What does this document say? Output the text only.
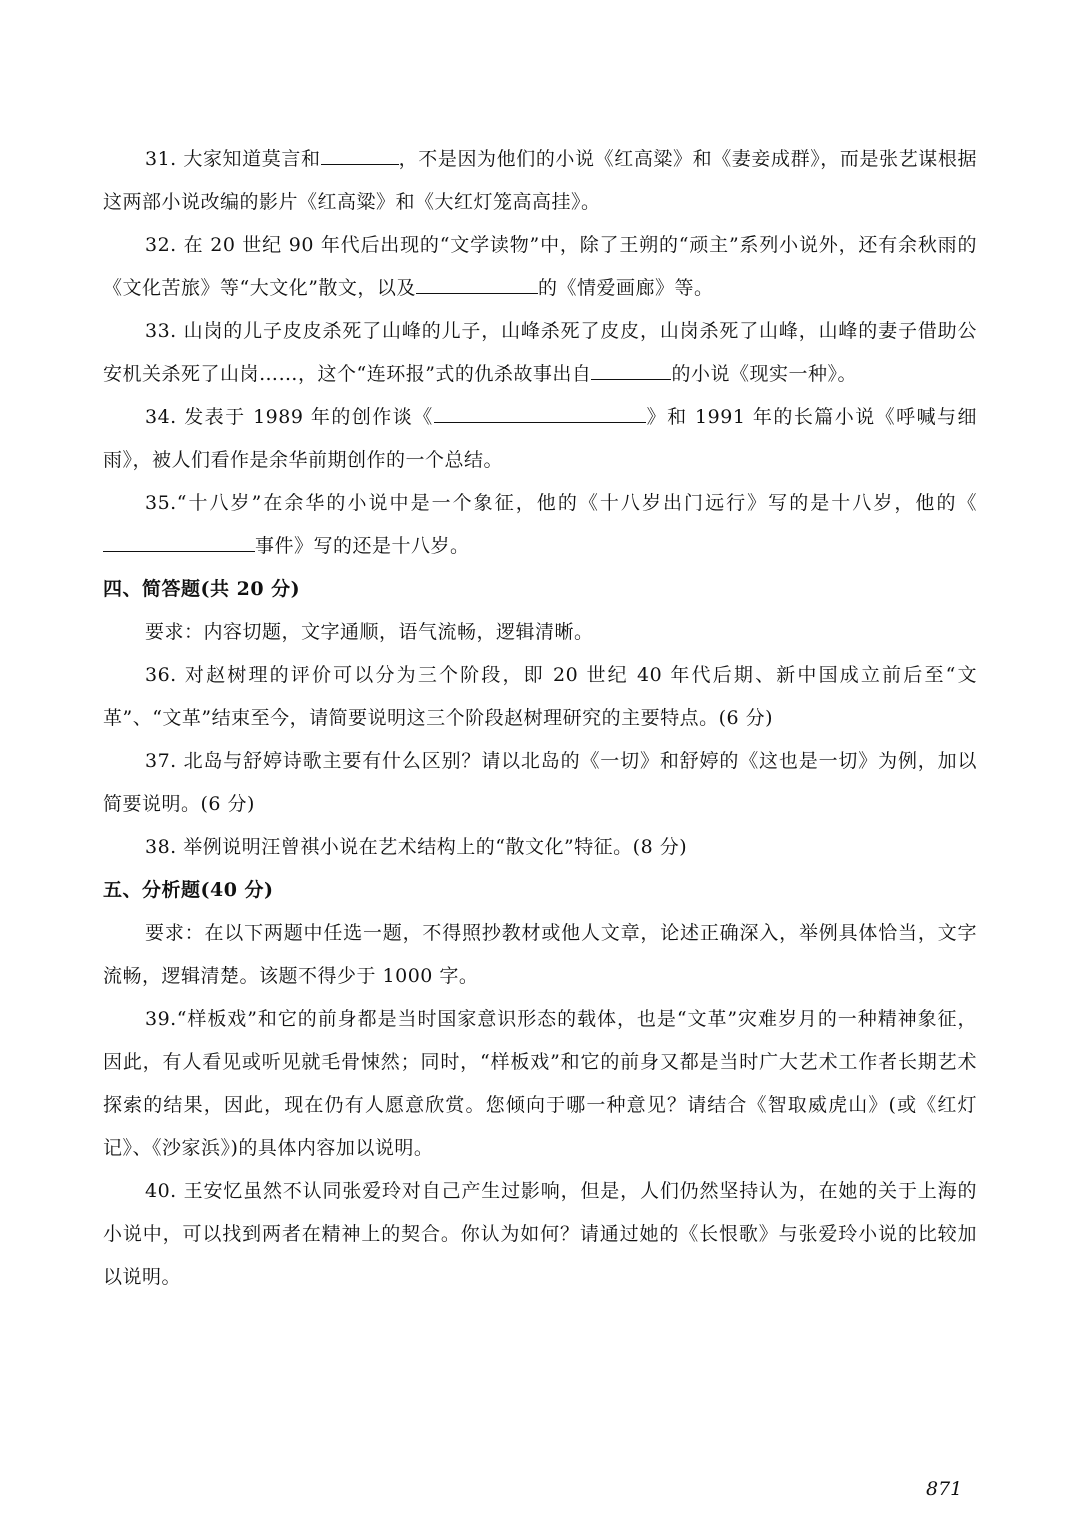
31. 大家知道莫言和	，不是因为他们的小说《红高粱》和《妻妾成群》，而是张艺谋根据这两部小说改编的影片《红高粱》和《大红灯笼高高挂》。

32. 在 20 世纪 90 年代后出现的“文学读物”中，除了王朔的“顽主”系列小说外，还有余秋雨的《文化苦旅》等“大文化”散文，以及	的《情爱画廊》等。

33. 山岗的儿子皮皮杀死了山峰的儿子，山峰杀死了皮皮，山岗杀死了山峰，山峰的妻子借助公安机关杀死了山岗……，这个“连环报”式的仇杀故事出自	的小说《现实一种》。

34. 发表于 1989 年的创作谈《	》和 1991 年的长篇小说《呼喊与细雨》，被人们看作是余华前期创作的一个总结。

35.“十八岁”在余华的小说中是一个象征，他的《十八岁出门远行》写的是十八岁，他的《事件》写的还是十八岁。

四、简答题(共 20 分)

要求：内容切题，文字通顺，语气流畅，逻辑清晰。

36. 对赵树理的评价可以分为三个阶段，即 20 世纪 40 年代后期、新中国成立前后至“文革”、“文革”结束至今，请简要说明这三个阶段赵树理研究的主要特点。(6 分)

37. 北岛与舒婷诗歌主要有什么区别？请以北岛的《一切》和舒婷的《这也是一切》为例，加以简要说明。(6 分)

38. 举例说明汪曾祺小说在艺术结构上的“散文化”特征。(8 分)

五、分析题(40 分)

要求：在以下两题中任选一题，不得照抄教材或他人文章，论述正确深入，举例具体恰当，文字流畅，逻辑清楚。该题不得少于 1000 字。

39.“样板戏”和它的前身都是当时国家意识形态的载体，也是“文革”灾难岁月的一种精神象征，因此，有人看见或听见就毛骨悚然；同时，“样板戏”和它的前身又都是当时广大艺术工作者长期艺术探索的结果，因此，现在仍有人愿意欣赏。您倾向于哪一种意见？请结合《智取威虎山》(或《红灯记》、《沙家浜》)的具体内容加以说明。

40. 王安忆虽然不认同张爱玲对自己产生过影响，但是，人们仍然坚持认为，在她的关于上海的小说中，可以找到两者在精神上的契合。你认为如何？请通过她的《长恨歌》与张爱玲小说的比较加以说明。

871
